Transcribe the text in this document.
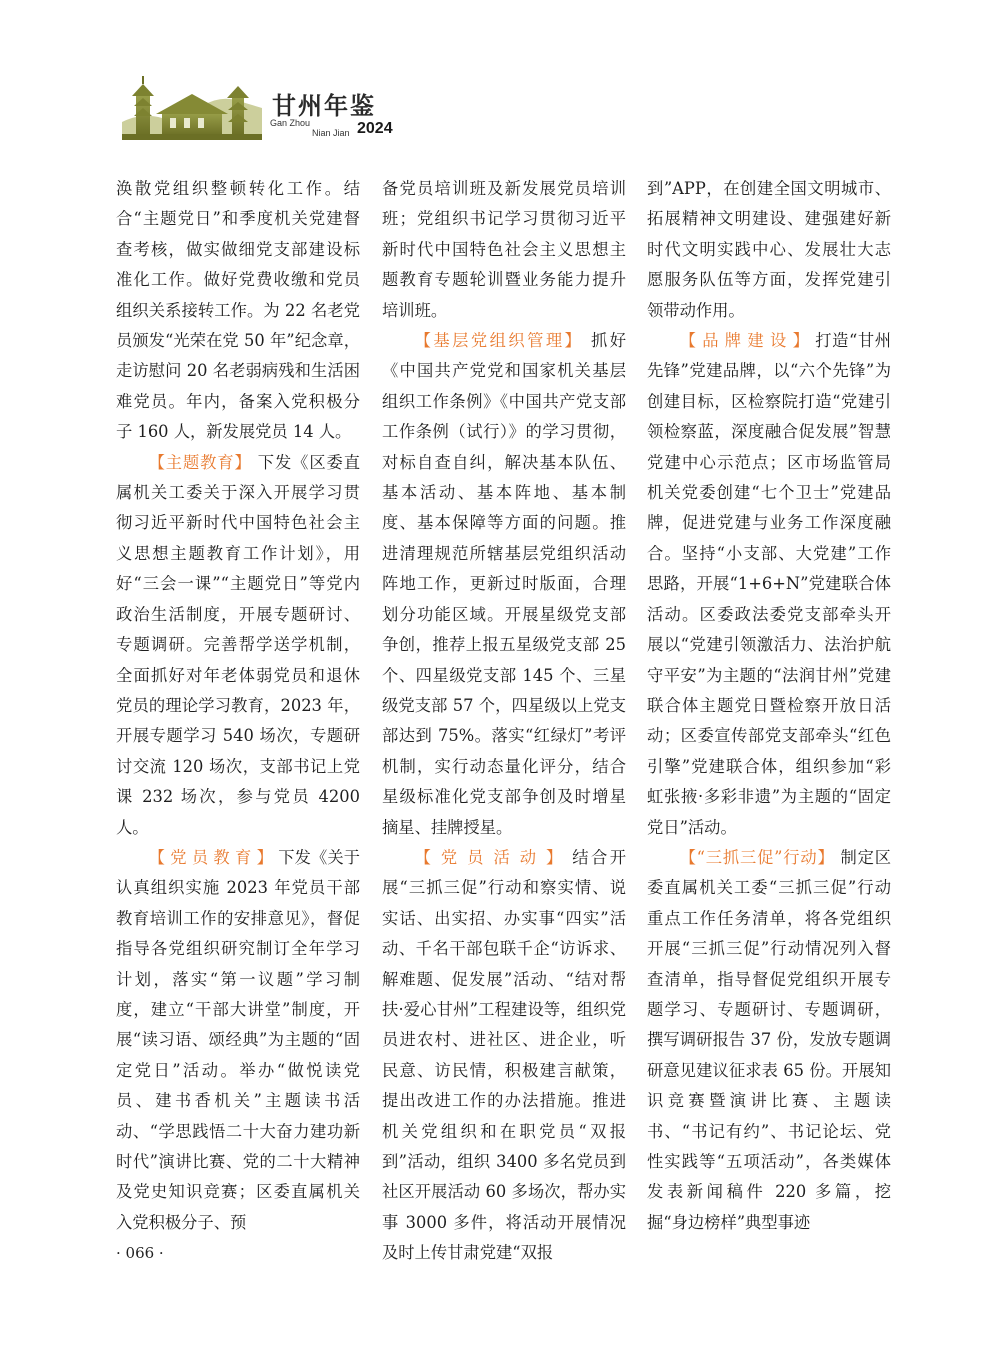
甘州年鉴
Gan Zhou
Nian Jian 2024

涣散党组织整顿转化工作。结合“主题党日”和季度机关党建督查考核，做实做细党支部建设标准化工作。做好党费收缴和党员组织关系接转工作。为 22 名老党员颁发“光荣在党 50 年”纪念章，走访慰问 20 名老弱病残和生活困难党员。年内，备案入党积极分子 160 人，新发展党员 14 人。

【主题教育】 下发《区委直属机关工委关于深入开展学习贯彻习近平新时代中国特色社会主义思想主题教育工作计划》，用好“三会一课”“主题党日”等党内政治生活制度，开展专题研讨、专题调研。完善帮学送学机制，全面抓好对年老体弱党员和退休党员的理论学习教育，2023 年，开展专题学习 540 场次，专题研讨交流 120 场次，支部书记上党课 232 场次，参与党员 4200 人。

【 党 员 教 育 】 下发《关于认真组织实施 2023 年党员干部教育培训工作的安排意见》，督促指导各党组织研究制订全年学习计划，落实“第一议题”学习制度，建立“干部大讲堂”制度，开展“读习语、颂经典”为主题的“固定党日”活动。举办“做悦读党员、建书香机关”主题读书活动、“学思践悟二十大奋力建功新时代”演讲比赛、党的二十大精神及党史知识竞赛；区委直属机关入党积极分子、预

备党员培训班及新发展党员培训班；党组织书记学习贯彻习近平新时代中国特色社会主义思想主题教育专题轮训暨业务能力提升培训班。

【基层党组织管理】 抓好《中国共产党党和国家机关基层组织工作条例》《中国共产党支部工作条例（试行）》的学习贯彻，对标自查自纠，解决基本队伍、基本活动、基本阵地、基本制度、基本保障等方面的问题。推进清理规范所辖基层党组织活动阵地工作，更新过时版面，合理划分功能区域。开展星级党支部争创，推荐上报五星级党支部 25 个、四星级党支部 145 个、三星级党支部 57 个，四星级以上党支部达到 75%。落实“红绿灯”考评机制，实行动态量化评分，结合星级标准化党支部争创及时增星摘星、挂牌授星。

【 党 员 活 动 】 结合开展“三抓三促”行动和察实情、说实话、出实招、办实事“四实”活动、千名干部包联千企“访诉求、解难题、促发展”活动、“结对帮扶·爱心甘州”工程建设等，组织党员进农村、进社区、进企业，听民意、访民情，积极建言献策，提出改进工作的办法措施。推进机关党组织和在职党员“双报到”活动，组织 3400 多名党员到社区开展活动 60 多场次，帮办实事 3000 多件，将活动开展情况及时上传甘肃党建“双报

到”APP，在创建全国文明城市、拓展精神文明建设、建强建好新时代文明实践中心、发展壮大志愿服务队伍等方面，发挥党建引领带动作用。

【 品 牌 建 设 】 打造“甘州先锋”党建品牌，以“六个先锋”为创建目标，区检察院打造“党建引领检察蓝，深度融合促发展”智慧党建中心示范点；区市场监管局机关党委创建“七个卫士”党建品牌，促进党建与业务工作深度融合。坚持“小支部、大党建”工作思路，开展“1+6+N”党建联合体活动。区委政法委党支部牵头开展以“党建引领激活力、法治护航守平安”为主题的“法润甘州”党建联合体主题党日暨检察开放日活动；区委宣传部党支部牵头“红色引擎”党建联合体，组织参加“彩虹张掖·多彩非遗”为主题的“固定党日”活动。

【“三抓三促”行动】 制定区委直属机关工委“三抓三促”行动重点工作任务清单，将各党组织开展“三抓三促”行动情况列入督查清单，指导督促党组织开展专题学习、专题研讨、专题调研，撰写调研报告 37 份，发放专题调研意见建议征求表 65 份。开展知识竞赛暨演讲比赛、主题读书、“书记有约”、书记论坛、党性实践等“五项活动”，各类媒体发表新闻稿件 220 多篇，挖掘“身边榜样”典型事迹

· 066 ·
